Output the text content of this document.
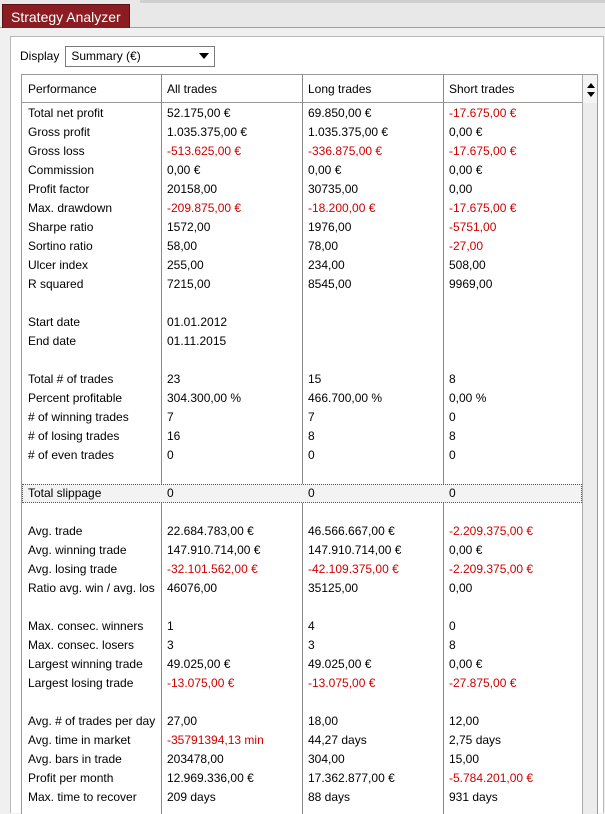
Strategy Analyzer
Display	Summary (€)
Performance	All trades	Long trades	Short trades
Total net profit	52.175,00 €	69.850,00 €	-17.675,00 €
Gross profit	1.035.375,00 €	1.035.375,00 €	0,00 €
Gross loss	-513.625,00 €	-336.875,00 €	-17.675,00 €
Commission	0,00 €	0,00 €	0,00 €
Profit factor	20158,00	30735,00	0,00
Max. drawdown	-209.875,00 €	-18.200,00 €	-17.675,00 €
Sharpe ratio	1572,00	1976,00	-5751,00
Sortino ratio	58,00	78,00	-27,00
Ulcer index	255,00	234,00	508,00
R squared	7215,00	8545,00	9969,00
Start date	01.01.2012
End date	01.11.2015
Total # of trades	23	15	8
Percent profitable	304.300,00 %	466.700,00 %	0,00 %
# of winning trades	7	7	0
# of losing trades	16	8	8
# of even trades	0	0	0
Total slippage	0	0	0
Avg. trade	22.684.783,00 €	46.566.667,00 €	-2.209.375,00 €
Avg. winning trade	147.910.714,00 €	147.910.714,00 €	0,00 €
Avg. losing trade	-32.101.562,00 €	-42.109.375,00 €	-2.209.375,00 €
Ratio avg. win / avg. los	46076,00	35125,00	0,00
Max. consec. winners	1	4	0
Max. consec. losers	3	3	8
Largest winning trade	49.025,00 €	49.025,00 €	0,00 €
Largest losing trade	-13.075,00 €	-13.075,00 €	-27.875,00 €
Avg. # of trades per day 27,00	18,00	12,00
Avg. time in market	-35791394,13 min	44,27 days	2,75 days
Avg. bars in trade	203478,00	304,00	15,00
Profit per month	12.969.336,00 €	17.362.877,00 €	-5.784.201,00 €
Max. time to recover	209 days	88 days	931 days
